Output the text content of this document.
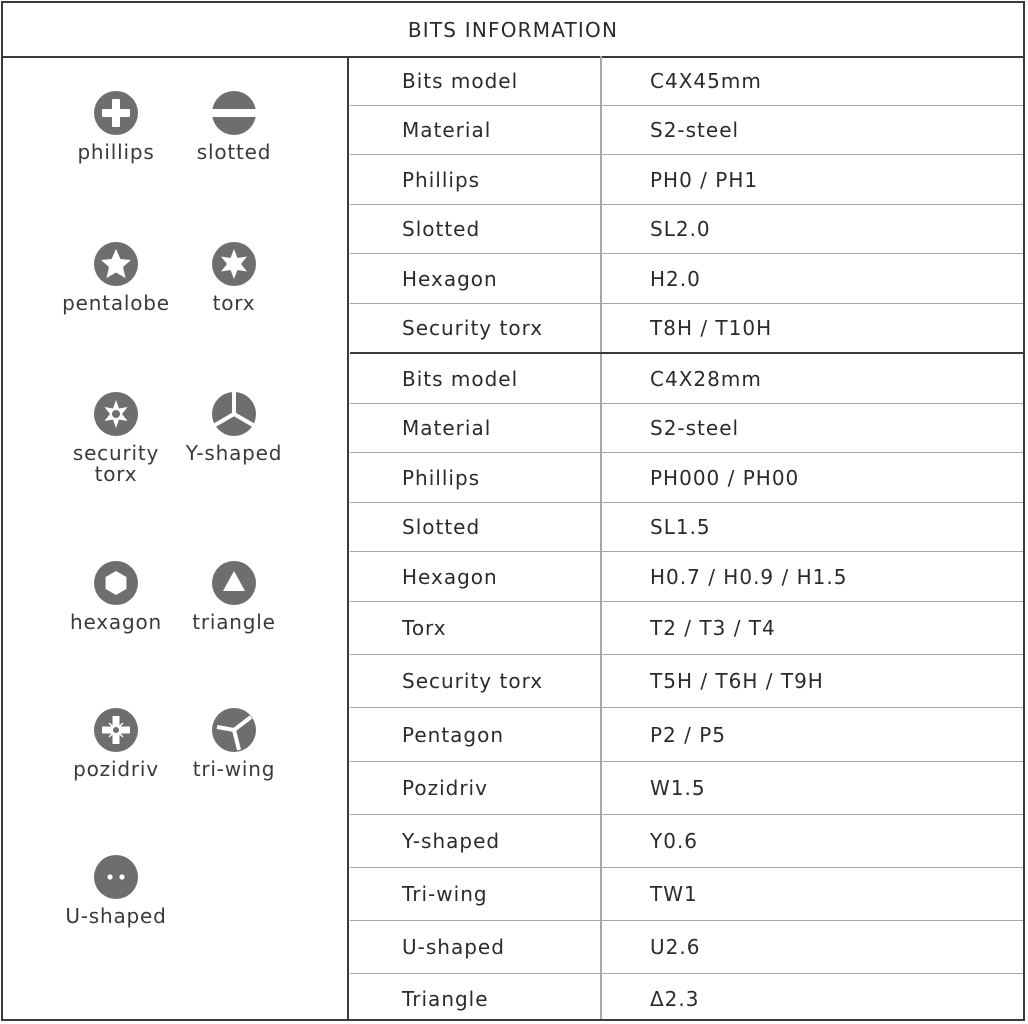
BITS INFORMATION
phillips	slotted
pentalobe	torx
security torx
Y-shaped
hexagon	triangle
pozidriv	tri-wing
U-shaped
Bits model	C4X45mm
Material	S2-steel
Phillips	PH0 / PH1
Slotted	SL2.0
Hexagon	H2.0
Security torx	T8H / T10H
Bits model	C4X28mm
Material	S2-steel
Phillips	PH000 / PH00
Slotted	SL1.5
Hexagon	H0.7 / H0.9 / H1.5
Torx	T2 / T3 / T4
Security torx	T5H / T6H / T9H
Pentagon	P2 / P5
Pozidriv	W1.5
Y-shaped	Y0.6
Tri-wing	TW1
U-shaped	U2.6
Triangle	Δ2.3
